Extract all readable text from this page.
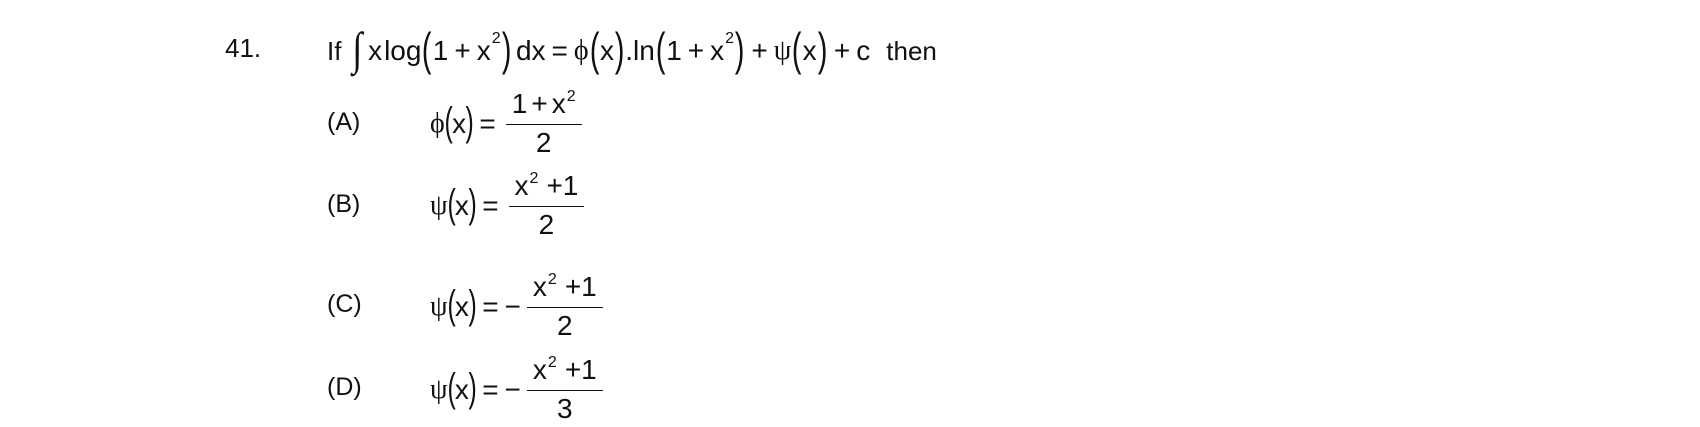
41.	If ∫ x log ( 1 + x 2 ) dx = ϕ ( x ) .ln ( 1 + x 2 ) + ψ ( x ) + c then
(A) ϕ ( x ) = $\frac{1 + x^2}{2}$
(B) ψ ( x ) = $\frac{x^2 +1}{2}$
(C) ψ ( x ) = − $\frac{x^2 +1}{2}$
(D) ψ ( x ) = − $\frac{x^2 +1}{3}$
